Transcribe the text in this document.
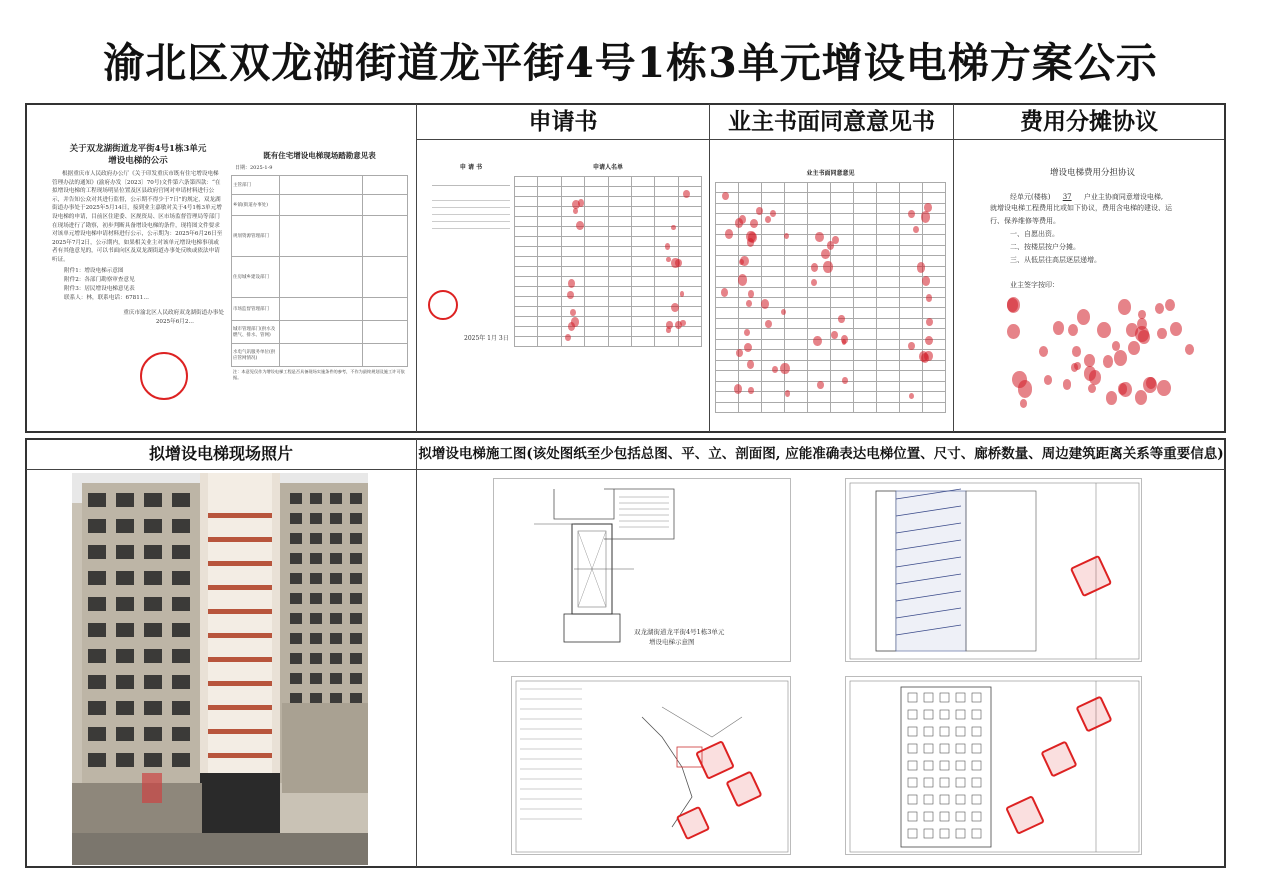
渝北区双龙湖街道龙平街4号1栋3单元增设电梯方案公示
申请书	业主书面同意意见书	费用分摊协议
关于双龙湖街道龙平街4号1栋3单元
增设电梯的公示
根据重庆市人民政府办公厅《关于印发重庆市既有住宅增设电梯管理办法的通知》(渝府办发〔2023〕70号)文件第六条第四款：“在拟增设电梯的工程现场明显位置及区县政府官网对申请材料进行公示，并告知公众对其进行监督，公示期不得少于7日”的规定，双龙湖街道办事处于2025年5月14日，接到业主嘉敏对关于4号1栋3单元增设电梯的申请，目前区住建委、区规资局、区市场监督管理局等部门在现场进行了勘察，初步判断具备增设电梯的条件，现将图文件要求对该单元增设电梯申请材料进行公示，公示期为：2025年6月26日至2025年7月2日，公示期内，如果相关业主对该单元增设电梯事项或者有其他意见的，可以书面向区及双龙湖街道办事处反映或依法申请听证。
附件1：增设电梯示意图
附件2：各部门勘察审查意见
附件3：居民增设电梯意见表
联系人：林，联系电话：67811…
重庆市渝北区人民政府双龙湖街道办事处
2025年6月2…
既有住宅增设电梯现场踏勘意见表
日期：2025-1-9
主管部门		
乡镇(街道办事处)		
规划资源管理部门		
住房城乡建设部门		
市场监督管理部门		
城市管理部门(供水及燃气、排水、管网)		
水电气讯服务单位(供应管网情况)		
注：本意见仅作为增设电梯工程是否具备现场实施条件的参考，不作为最终规划及施工许可依据。
申 请 书
2025年 1月 3日
申请人名单

业主书面同意意见

										增设电梯费用分担协议
经单元(楼栋) 37 户业主协商同意增设电梯,
就增设电梯工程费用比或如下协议，费用含电梯的建设、运
行、保养维修等费用。
一、自愿出资。
二、按楼层按户分摊。
三、从低层往高层逐层递增。
业主签字按印：
拟增设电梯现场照片	拟增设电梯施工图(该处图纸至少包括总图、平、立、剖面图, 应能准确表达电梯位置、尺寸、廊桥数量、周边建筑距离关系等重要信息)
双龙湖街道龙平街4号1栋3单元
增设电梯示意图
